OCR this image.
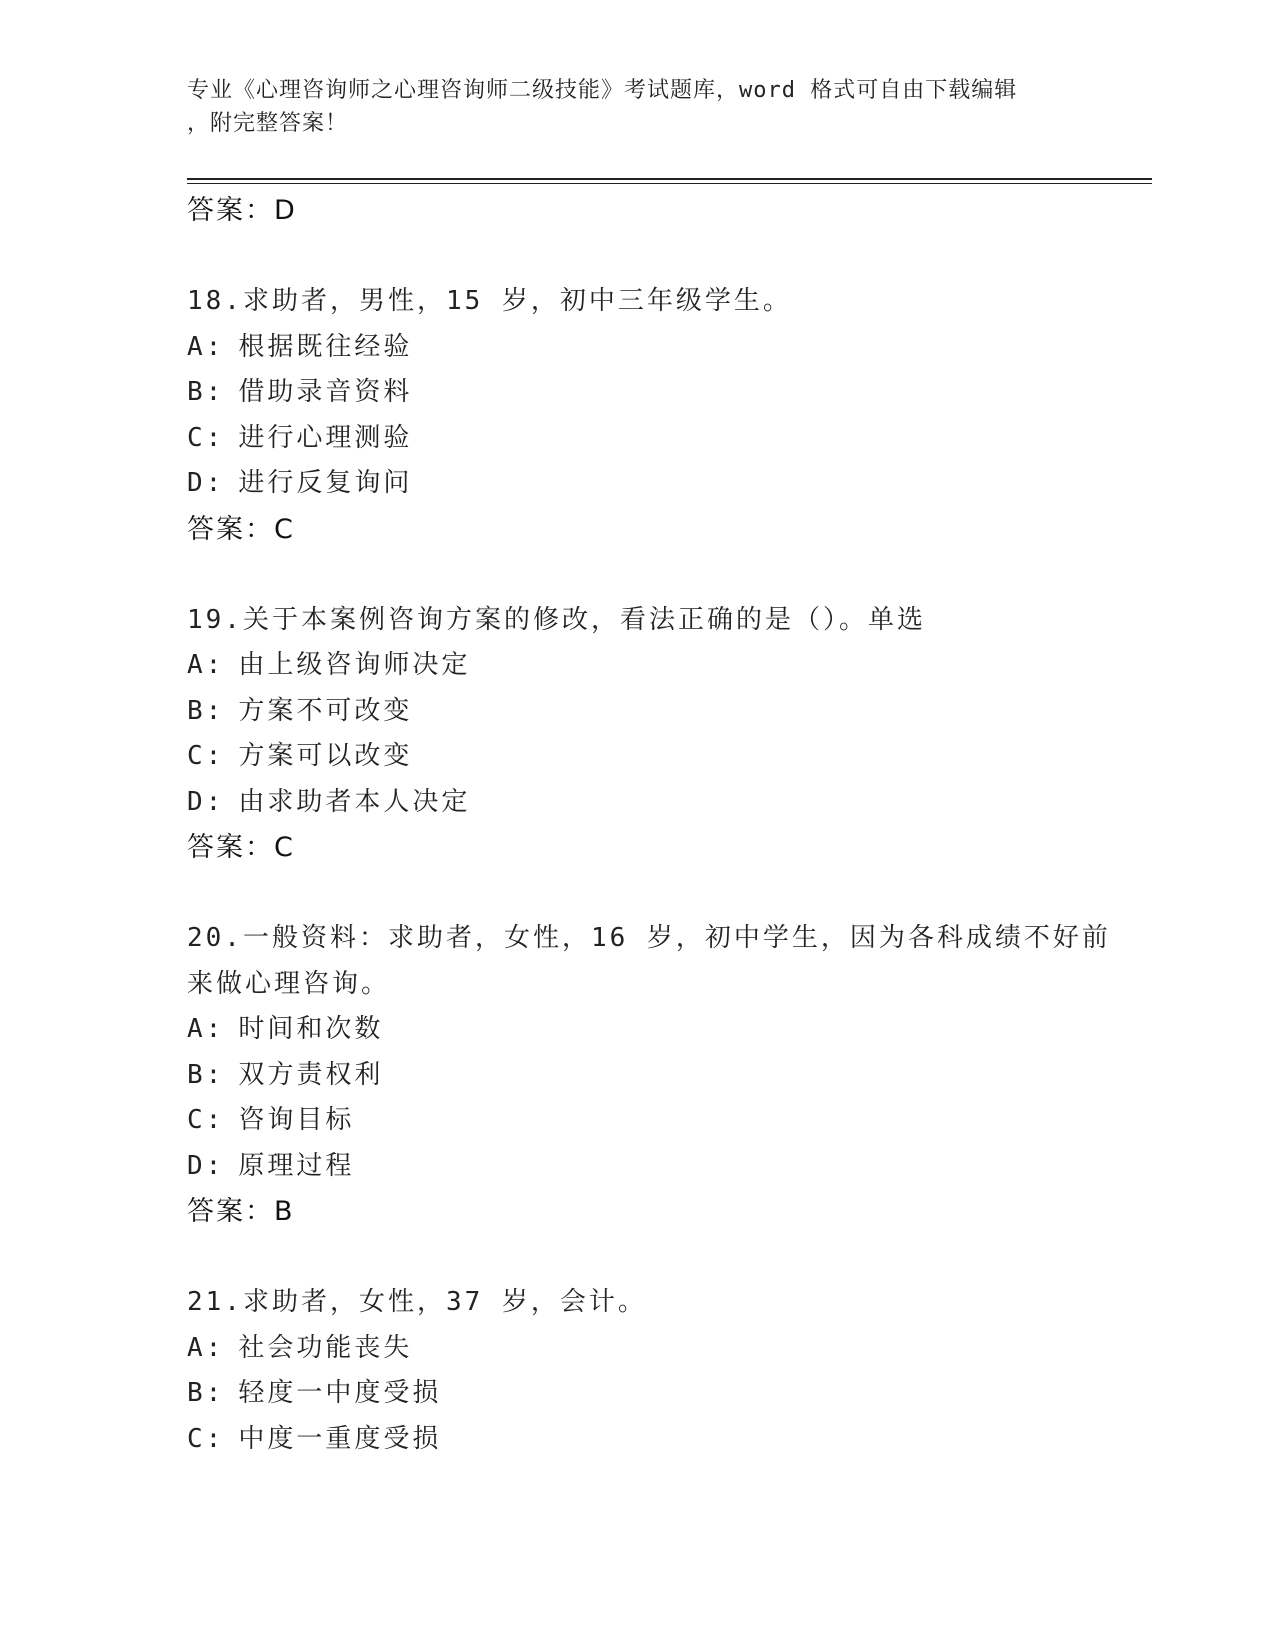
专业《心理咨询师之心理咨询师二级技能》考试题库，word 格式可自由下载编辑
，附完整答案！
答案：D
18.求助者，男性，15 岁，初中三年级学生。
A: 根据既往经验
B: 借助录音资料
C: 进行心理测验
D: 进行反复询问
答案：C
19.关于本案例咨询方案的修改，看法正确的是（）。单选
A: 由上级咨询师决定
B: 方案不可改变
C: 方案可以改变
D: 由求助者本人决定
答案：C
20.一般资料：求助者，女性，16 岁，初中学生，因为各科成绩不好前
来做心理咨询。
A: 时间和次数
B: 双方责权利
C: 咨询目标
D: 原理过程
答案：B
21.求助者，女性，37 岁，会计。
A: 社会功能丧失
B: 轻度一中度受损
C: 中度一重度受损
